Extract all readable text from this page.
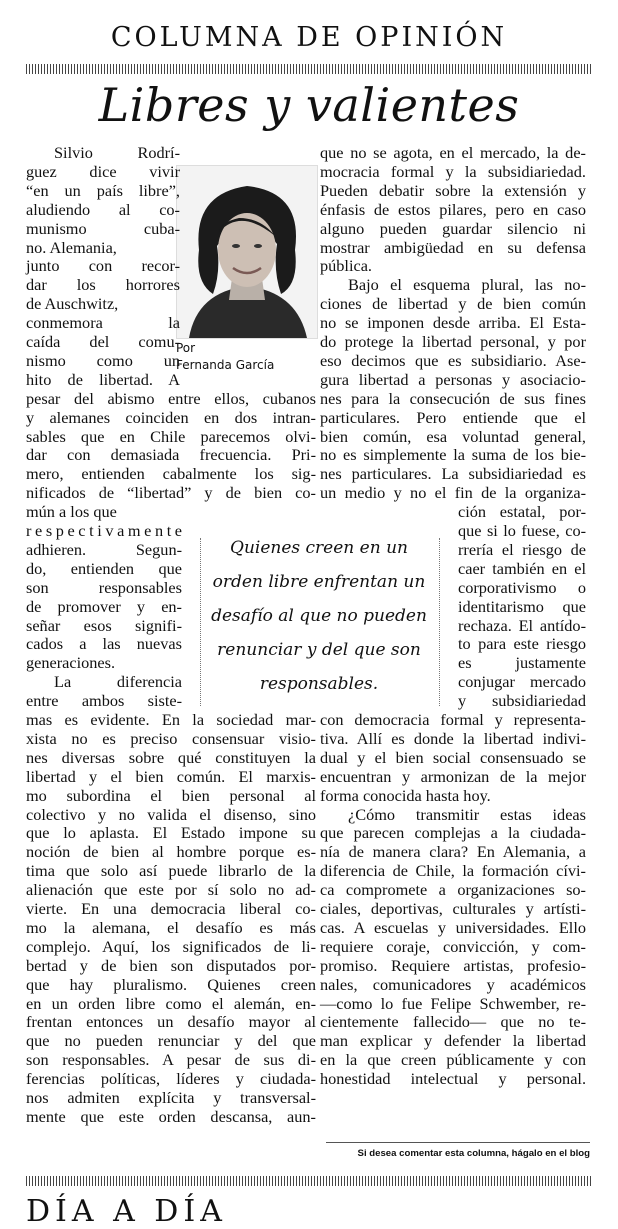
COLUMNA DE OPINIÓN
Libres y valientes
Por
Fernanda García
Quienes creen en un
orden libre enfrentan un
desafío al que no pueden
renunciar y del que son
responsables.
Silvio Rodrí-
guez dice vivir
“en un país libre”,
aludiendo al co-
munismo cuba-
no. Alemania,
junto con recor-
dar los horrores
de Auschwitz,
conmemora la
caída del comu-
nismo como un
hito de libertad. A
pesar del abismo entre ellos, cubanos
y alemanes coinciden en dos intran-
sables que en Chile parecemos olvi-
dar con demasiada frecuencia. Pri-
mero, entienden cabalmente los sig-
nificados de “libertad” y de bien co-
mún a los que
respectivamente
adhieren. Segun-
do, entienden que
son responsables
de promover y en-
señar esos signifi-
cados a las nuevas
generaciones.
La diferencia
entre ambos siste-
mas es evidente. En la sociedad mar-
xista no es preciso consensuar visio-
nes diversas sobre qué constituyen la
libertad y el bien común. El marxis-
mo subordina el bien personal al
colectivo y no valida el disenso, sino
que lo aplasta. El Estado impone su
noción de bien al hombre porque es-
tima que solo así puede librarlo de la
alienación que este por sí solo no ad-
vierte. En una democracia liberal co-
mo la alemana, el desafío es más
complejo. Aquí, los significados de li-
bertad y de bien son disputados por-
que hay pluralismo. Quienes creen
en un orden libre como el alemán, en-
frentan entonces un desafío mayor al
que no pueden renunciar y del que
son responsables. A pesar de sus di-
ferencias políticas, líderes y ciudada-
nos admiten explícita y transversal-
mente que este orden descansa, aun-
que no se agota, en el mercado, la de-
mocracia formal y la subsidiariedad.
Pueden debatir sobre la extensión y
énfasis de estos pilares, pero en caso
alguno pueden guardar silencio ni
mostrar ambigüedad en su defensa
pública.
Bajo el esquema plural, las no-
ciones de libertad y de bien común
no se imponen desde arriba. El Esta-
do protege la libertad personal, y por
eso decimos que es subsidiario. Ase-
gura libertad a personas y asociacio-
nes para la consecución de sus fines
particulares. Pero entiende que el
bien común, esa voluntad general,
no es simplemente la suma de los bie-
nes particulares. La subsidiariedad es
un medio y no el fin de la organiza-
ción estatal, por-
que si lo fuese, co-
rrería el riesgo de
caer también en el
corporativismo o
identitarismo que
rechaza. El antído-
to para este riesgo
es justamente
conjugar mercado
y subsidiariedad
con democracia formal y representa-
tiva. Allí es donde la libertad indivi-
dual y el bien social consensuado se
encuentran y armonizan de la mejor
forma conocida hasta hoy.
¿Cómo transmitir estas ideas
que parecen complejas a la ciudada-
nía de manera clara? En Alemania, a
diferencia de Chile, la formación cívi-
ca compromete a organizaciones so-
ciales, deportivas, culturales y artísti-
cas. A escuelas y universidades. Ello
requiere coraje, convicción, y com-
promiso. Requiere artistas, profesio-
nales, comunicadores y académicos
—como lo fue Felipe Schwember, re-
cientemente fallecido— que no te-
man explicar y defender la libertad
en la que creen públicamente y con
honestidad intelectual y personal.
Si desea comentar esta columna, hágalo en el blog
DÍA A DÍA
